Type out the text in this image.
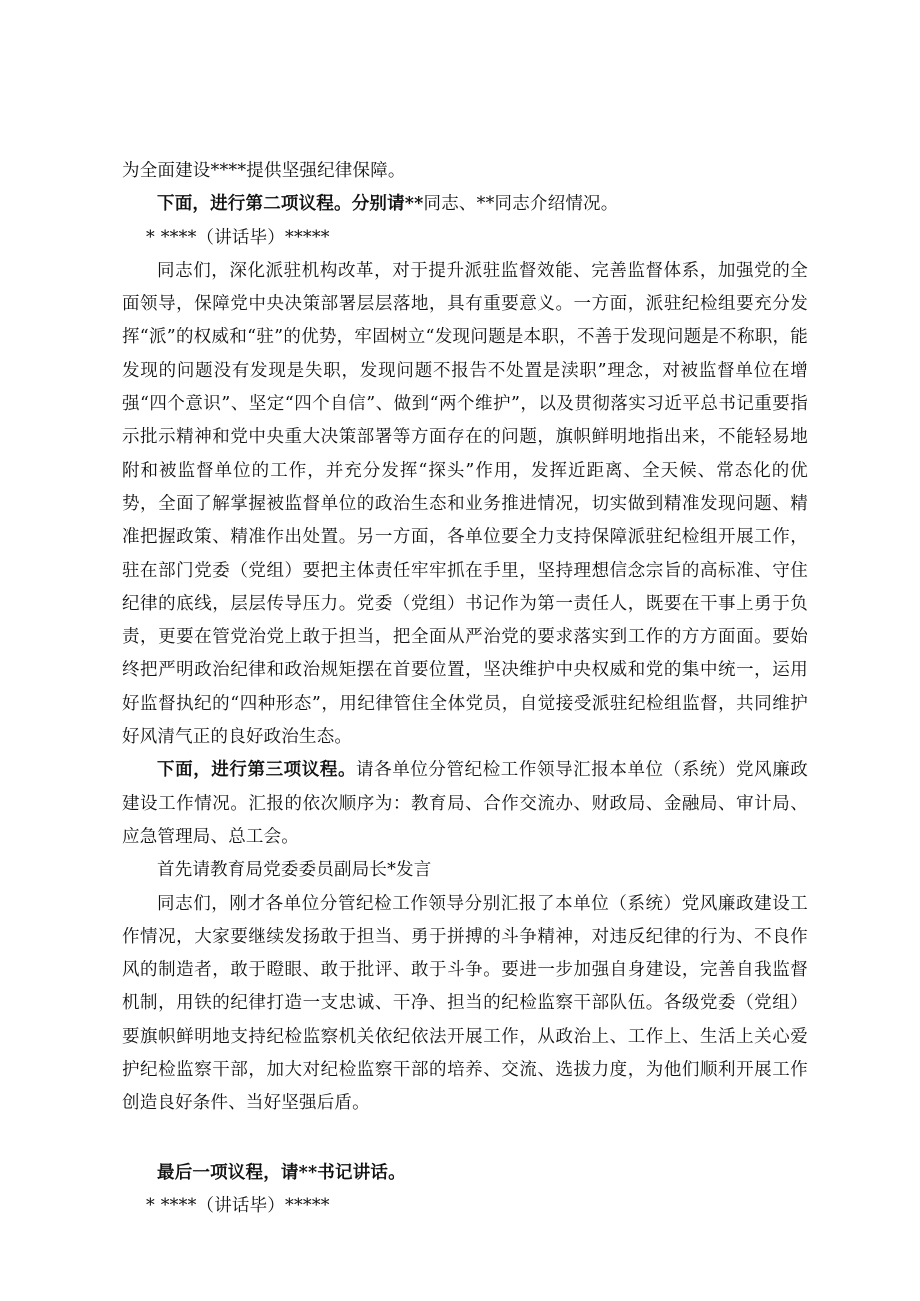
为全面建设****提供坚强纪律保障。

下面，进行第二项议程。分别请**同志、**同志介绍情况。

* ****（讲话毕）*****

同志们，深化派驻机构改革，对于提升派驻监督效能、完善监督体系，加强党的全面领导，保障党中央决策部署层层落地，具有重要意义。一方面，派驻纪检组要充分发挥“派”的权威和“驻”的优势，牢固树立“发现问题是本职，不善于发现问题是不称职，能发现的问题没有发现是失职，发现问题不报告不处置是渎职”理念，对被监督单位在增强“四个意识”、坚定“四个自信”、做到“两个维护”，以及贯彻落实习近平总书记重要指示批示精神和党中央重大决策部署等方面存在的问题，旗帜鲜明地指出来，不能轻易地附和被监督单位的工作，并充分发挥“探头”作用，发挥近距离、全天候、常态化的优势，全面了解掌握被监督单位的政治生态和业务推进情况，切实做到精准发现问题、精准把握政策、精准作出处置。另一方面，各单位要全力支持保障派驻纪检组开展工作，驻在部门党委（党组）要把主体责任牢牢抓在手里，坚持理想信念宗旨的高标准、守住纪律的底线，层层传导压力。党委（党组）书记作为第一责任人，既要在干事上勇于负责，更要在管党治党上敢于担当，把全面从严治党的要求落实到工作的方方面面。要始终把严明政治纪律和政治规矩摆在首要位置，坚决维护中央权威和党的集中统一，运用好监督执纪的“四种形态”，用纪律管住全体党员，自觉接受派驻纪检组监督，共同维护好风清气正的良好政治生态。

下面，进行第三项议程。请各单位分管纪检工作领导汇报本单位（系统）党风廉政建设工作情况。汇报的依次顺序为：教育局、合作交流办、财政局、金融局、审计局、应急管理局、总工会。

首先请教育局党委委员副局长*发言

同志们，刚才各单位分管纪检工作领导分别汇报了本单位（系统）党风廉政建设工作情况，大家要继续发扬敢于担当、勇于拼搏的斗争精神，对违反纪律的行为、不良作风的制造者，敢于瞪眼、敢于批评、敢于斗争。要进一步加强自身建设，完善自我监督机制，用铁的纪律打造一支忠诚、干净、担当的纪检监察干部队伍。各级党委（党组）要旗帜鲜明地支持纪检监察机关依纪依法开展工作，从政治上、工作上、生活上关心爱护纪检监察干部，加大对纪检监察干部的培养、交流、选拔力度，为他们顺利开展工作创造良好条件、当好坚强后盾。

最后一项议程，请**书记讲话。

* ****（讲话毕）*****
